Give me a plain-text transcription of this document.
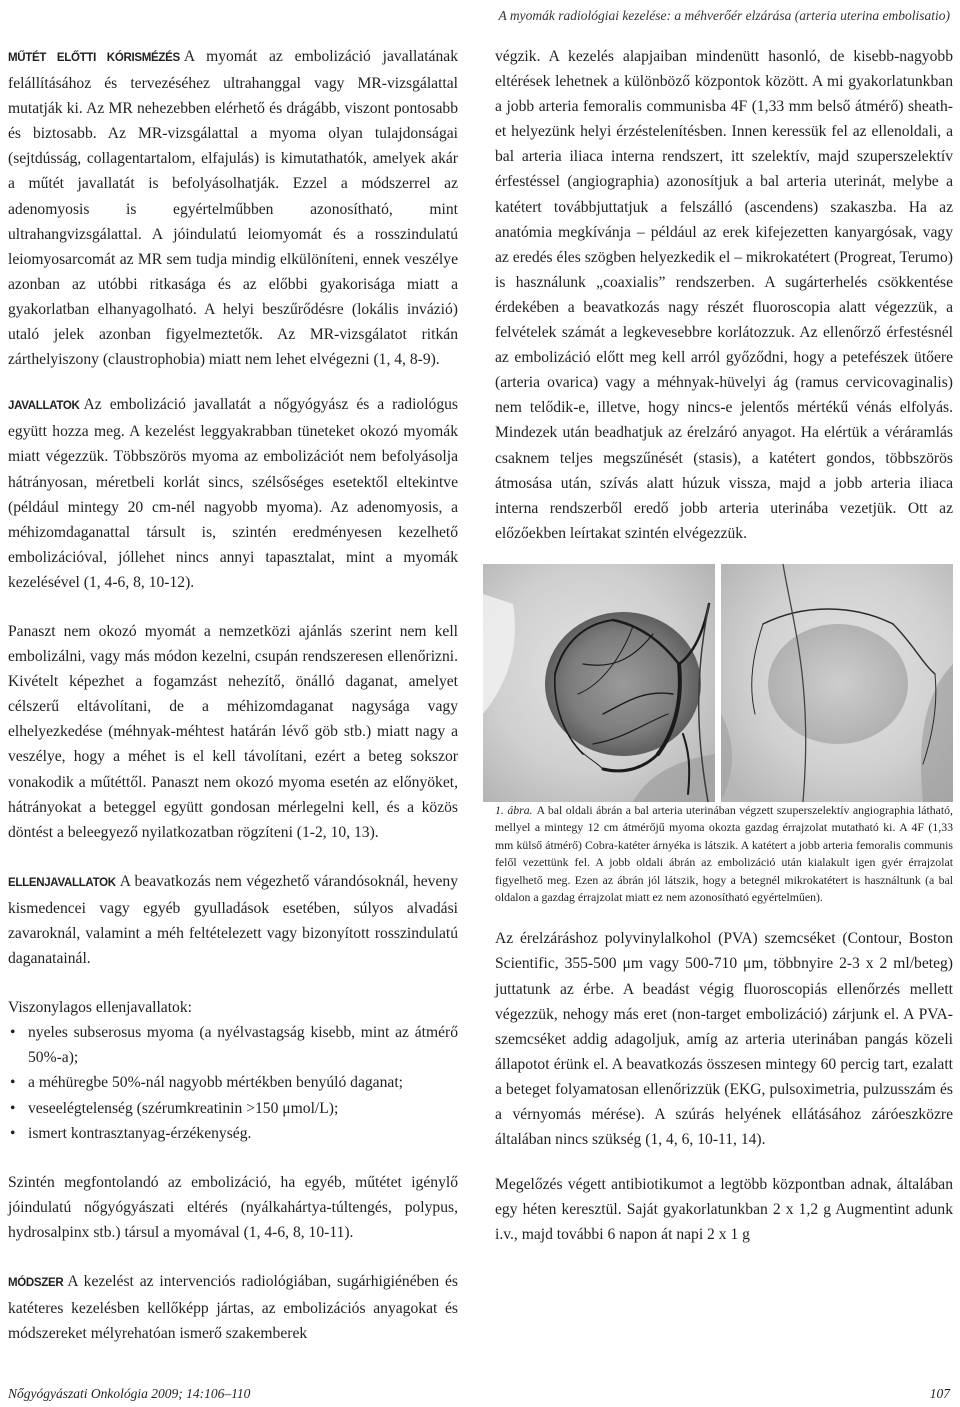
A myomák radiológiai kezelése: a méhverőér elzárása (arteria uterina embolisatio)

MŰTÉT ELŐTTI KÓRISMÉZÉS A myomát az embolizáció javallatának felállításához és tervezéséhez ultrahanggal vagy MR-vizsgálattal mutatják ki. Az MR nehezebben elérhető és drágább, viszont pontosabb és biztosabb. Az MR-vizsgálattal a myoma olyan tulajdonságai (sejtdússág, collagentartalom, elfajulás) is kimutathatók, amelyek akár a műtét javallatát is befolyásolhatják. Ezzel a módszerrel az adenomyosis is egyértelműbben azonosítható, mint ultrahangvizsgálattal. A jóindulatú leiomyomát és a rosszindulatú leiomyosarcomát az MR sem tudja mindig elkülöníteni, ennek veszélye azonban az utóbbi ritkasága és az előbbi gyakorisága miatt a gyakorlatban elhanyagolható. A helyi beszűrődésre (lokális invázió) utaló jelek azonban figyelmeztetők. Az MR-vizsgálatot ritkán zárthelyiszony (claustrophobia) miatt nem lehet elvégezni (1, 4, 8-9).

JAVALLATOK Az embolizáció javallatát a nőgyógyász és a radiológus együtt hozza meg. A kezelést leggyakrabban tüneteket okozó myomák miatt végezzük. Többszörös myoma az embolizációt nem befolyásolja hátrányosan, méretbeli korlát sincs, szélsőséges esetektől eltekintve (például mintegy 20 cm-nél nagyobb myoma). Az adenomyosis, a méhizomdaganattal társult is, szintén eredményesen kezelhető embolizációval, jóllehet nincs annyi tapasztalat, mint a myomák kezelésével (1, 4-6, 8, 10-12).

Panaszt nem okozó myomát a nemzetközi ajánlás szerint nem kell embolizálni, vagy más módon kezelni, csupán rendszeresen ellenőrizni. Kivételt képezhet a fogamzást nehezítő, önálló daganat, amelyet célszerű eltávolítani, de a méhizomdaganat nagysága vagy elhelyezkedése (méhnyak-méhtest határán lévő göb stb.) miatt nagy a veszélye, hogy a méhet is el kell távolítani, ezért a beteg sokszor vonakodik a műtéttől. Panaszt nem okozó myoma esetén az előnyöket, hátrányokat a beteggel együtt gondosan mérlegelni kell, és a közös döntést a beleegyező nyilatkozatban rögzíteni (1-2, 10, 13).

ELLENJAVALLATOK A beavatkozás nem végezhető várandósoknál, heveny kismedencei vagy egyéb gyulladások esetében, súlyos alvadási zavaroknál, valamint a méh feltételezett vagy bizonyított rosszindulatú daganatainál.

Viszonylagos ellenjavallatok:

• nyeles subserosus myoma (a nyélvastagság kisebb, mint az átmérő 50%-a);
• a méhüregbe 50%-nál nagyobb mértékben benyúló daganat;
• veseelégtelenség (szérumkreatinin >150 μmol/L);
• ismert kontrasztanyag-érzékenység.

Szintén megfontolandó az embolizáció, ha egyéb, műtétet igénylő jóindulatú nőgyógyászati eltérés (nyálkahártya-túltengés, polypus, hydrosalpinx stb.) társul a myomával (1, 4-6, 8, 10-11).

MÓDSZER A kezelést az intervenciós radiológiában, sugárhigiénében és katéteres kezelésben kellőképp jártas, az embolizációs anyagokat és módszereket mélyrehatóan ismerő szakemberek

végzik. A kezelés alapjaiban mindenütt hasonló, de kisebb-nagyobb eltérések lehetnek a különböző központok között. A mi gyakorlatunkban a jobb arteria femoralis communisba 4F (1,33 mm belső átmérő) sheath-et helyezünk helyi érzéstelenítésben. Innen keressük fel az ellenoldali, a bal arteria iliaca interna rendszert, itt szelektív, majd szuperszelektív érfestéssel (angiographia) azonosítjuk a bal arteria uterinát, melybe a katétert továbbjuttatjuk a felszálló (ascendens) szakaszba. Ha az anatómia megkívánja – például az erek kifejezetten kanyargósak, vagy az eredés éles szögben helyezkedik el – mikrokatétert (Progreat, Terumo) is használunk „coaxialis” rendszerben. A sugárterhelés csökkentése érdekében a beavatkozás nagy részét fluoroscopia alatt végezzük, a felvételek számát a legkevesebbre korlátozzuk. Az ellenőrző érfestésnél az embolizáció előtt meg kell arról győződni, hogy a petefészek ütőere (arteria ovarica) vagy a méhnyak-hüvelyi ág (ramus cervicovaginalis) nem telődik-e, illetve, hogy nincs-e jelentős mértékű vénás elfolyás. Mindezek után beadhatjuk az érelzáró anyagot. Ha elértük a véráramlás csaknem teljes megszűnését (stasis), a katétert gondos, többszörös átmosása után, szívás alatt húzuk vissza, majd a jobb arteria iliaca interna rendszerből eredő jobb arteria uterinába vezetjük. Ott az előzőekben leírtakat szintén elvégezzük.

1. ábra. A bal oldali ábrán a bal arteria uterinában végzett szuperszelektív angiographia látható, mellyel a mintegy 12 cm átmérőjű myoma okozta gazdag érrajzolat mutatható ki. A 4F (1,33 mm külső átmérő) Cobra-katéter árnyéka is látszik. A katétert a jobb arteria femoralis communis felől vezettünk fel. A jobb oldali ábrán az embolizáció után kialakult igen gyér érrajzolat figyelhető meg. Ezen az ábrán jól látszik, hogy a betegnél mikrokatétert is használtunk (a bal oldalon a gazdag érrajzolat miatt ez nem azonosítható egyértelműen).

Az érelzáráshoz polyvinylalkohol (PVA) szemcséket (Contour, Boston Scientific, 355-500 μm vagy 500-710 μm, többnyire 2-3 x 2 ml/beteg) juttatunk az érbe. A beadást végig fluoroscopiás ellenőrzés mellett végezzük, nehogy más eret (non-target embolizáció) zárjunk el. A PVA-szemcséket addig adagoljuk, amíg az arteria uterinában pangás közeli állapotot érünk el. A beavatkozás összesen mintegy 60 percig tart, ezalatt a beteget folyamatosan ellenőrizzük (EKG, pulsoximetria, pulzusszám és a vérnyomás mérése). A szúrás helyének ellátásához záróeszközre általában nincs szükség (1, 4, 6, 10-11, 14).

Megelőzés végett antibiotikumot a legtöbb központban adnak, általában egy héten keresztül. Saját gyakorlatunkban 2 x 1,2 g Augmentint adunk i.v., majd további 6 napon át napi 2 x 1 g

Nőgyógyászati Onkológia 2009; 14:106–110	107
